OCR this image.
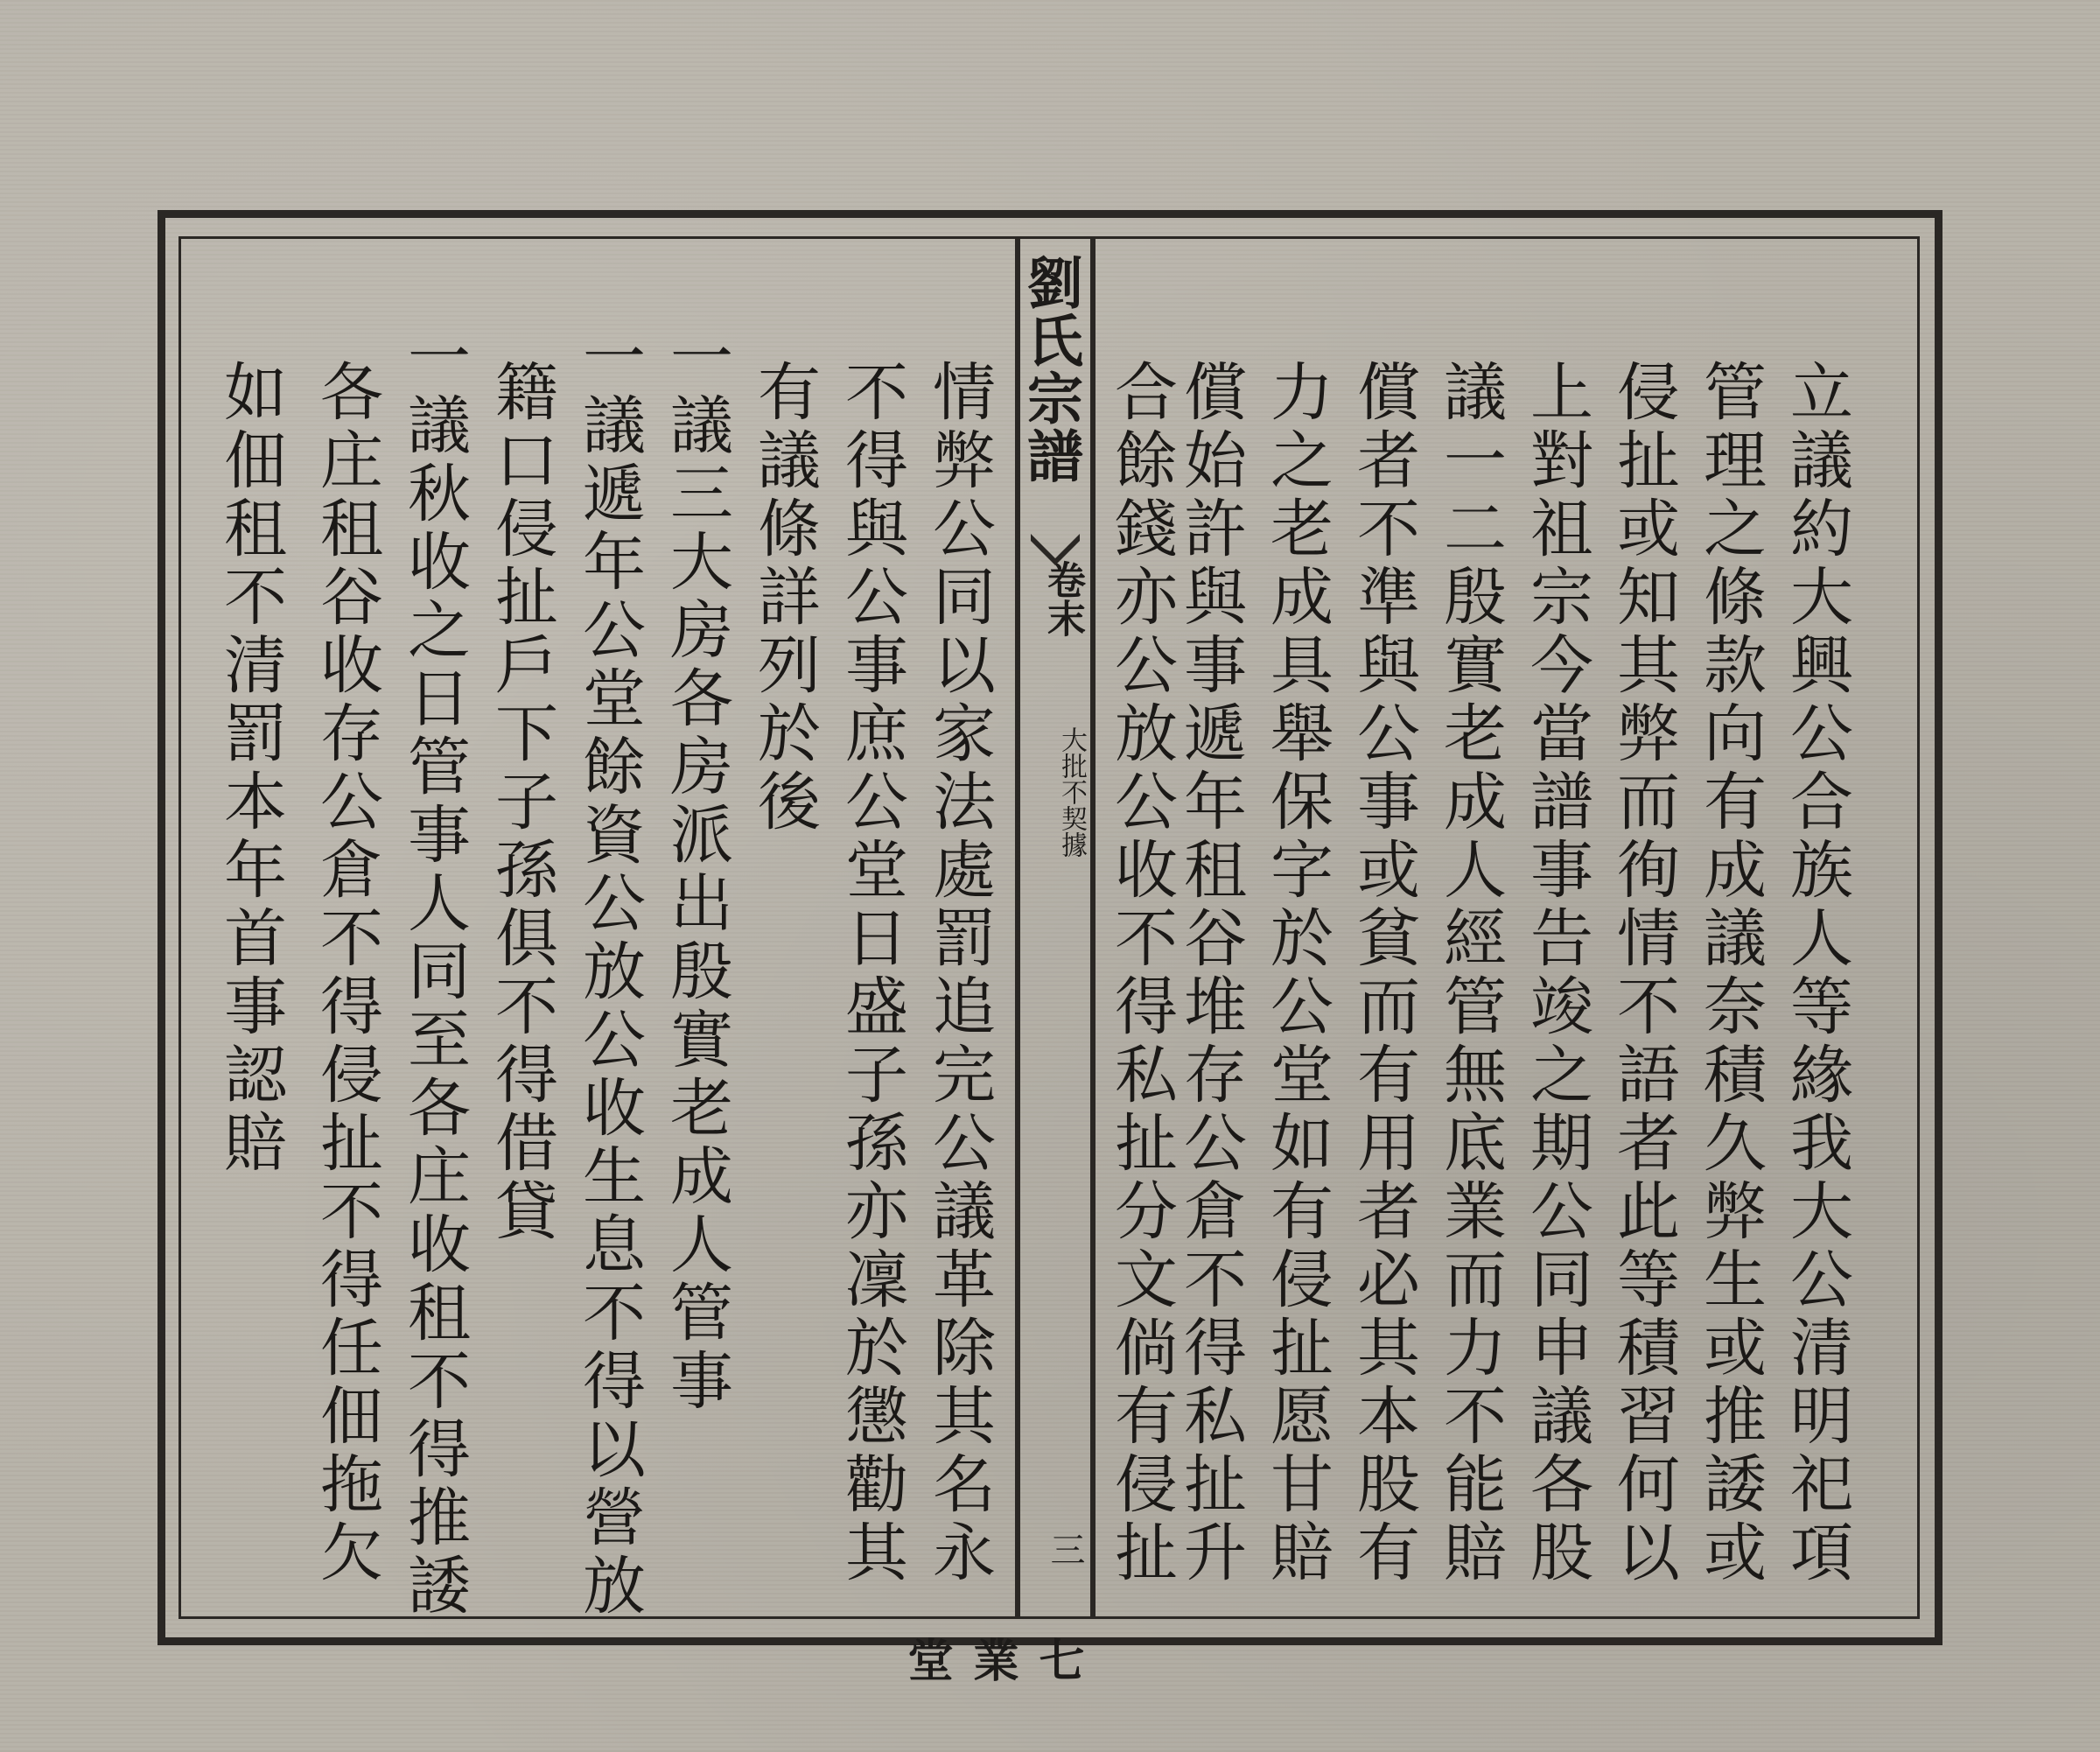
劉氏宗譜
卷末
大批不契據
三
七業堂
立議約大興公合族人等緣我大公清明祀項
管理之條款向有成議奈積久弊生或推諉或
侵扯或知其弊而徇情不語者此等積習何以
上對祖宗今當譜事告竣之期公同申議各股
議一二殷實老成人經管無底業而力不能賠
償者不準與公事或貧而有用者必其本股有
力之老成具舉保字於公堂如有侵扯愿甘賠
償始許與事遞年租谷堆存公倉不得私扯升
合餘錢亦公放公收不得私扯分文倘有侵扯
情弊公同以家法處罰追完公議革除其名永
不得與公事庶公堂日盛子孫亦凜於懲勸其
有議條詳列於後
一議三大房各房派出殷實老成人管事
一議遞年公堂餘資公放公收生息不得以營放
籍口侵扯戶下子孫俱不得借貸
一議秋收之日管事人同至各庄收租不得推諉
各庄租谷收存公倉不得侵扯不得任佃拖欠
如佃租不清罰本年首事認賠
